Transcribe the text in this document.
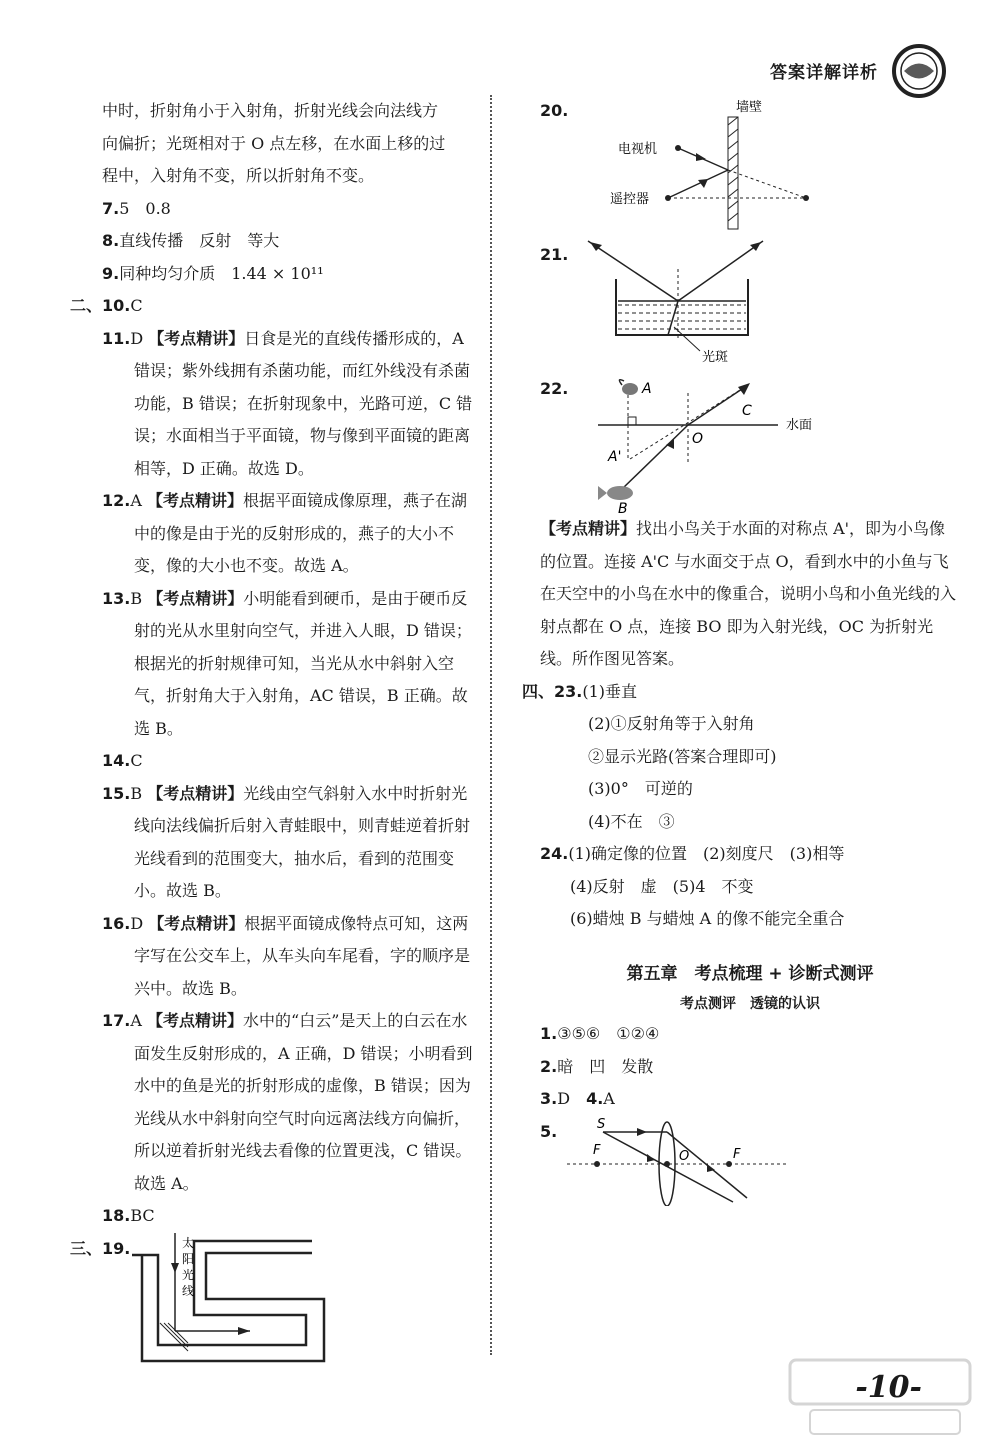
答案详解详析
中时，折射角小于入射角，折射光线会向法线方
向偏折；光斑相对于 O 点左移，在水面上移的过
程中，入射角不变，所以折射角不变。
7.5　0.8
8.直线传播　反射　等大
9.同种均匀介质　1.44 × 10¹¹
二、10.C
11.D 【考点精讲】日食是光的直线传播形成的，A 错误；紫外线拥有杀菌功能，而红外线没有杀菌功能，B 错误；在折射现象中，光路可逆，C 错误；水面相当于平面镜，物与像到平面镜的距离相等，D 正确。故选 D。
12.A 【考点精讲】根据平面镜成像原理，燕子在湖中的像是由于光的反射形成的，燕子的大小不变，像的大小也不变。故选 A。
13.B 【考点精讲】小明能看到硬币，是由于硬币反射的光从水里射向空气，并进入人眼，D 错误；根据光的折射规律可知，当光从水中斜射入空气，折射角大于入射角，AC 错误，B 正确。故选 B。
14.C
15.B 【考点精讲】光线由空气斜射入水中时折射光线向法线偏折后射入青蛙眼中，则青蛙逆着折射光线看到的范围变大，抽水后，看到的范围变小。故选 B。
16.D 【考点精讲】根据平面镜成像特点可知，这两字写在公交车上，从车头向车尾看，字的顺序是兴中。故选 B。
17.A 【考点精讲】水中的“白云”是天上的白云在水面发生反射形成的，A 正确，D 错误；小明看到水中的鱼是光的折射形成的虚像，B 错误；因为光线从水中斜射向空气时向远离法线方向偏折，所以逆着折射光线去看像的位置更浅，C 错误。故选 A。
18.BC
三、 19.	太
阳
光
线
20.	墙壁
电视机
遥控器
21.
光斑
22.
水面
A
A'
C
O
B
【考点精讲】找出小鸟关于水面的对称点 A'，即为小鸟像的位置。连接 A'C 与水面交于点 O，看到水中的小鱼与飞在天空中的小鸟在水中的像重合，说明小鸟和小鱼光线的入射点都在 O 点，连接 BO 即为入射光线，OC 为折射光线。所作图见答案。
四、23.(1)垂直
(2)①反射角等于入射角
②显示光路(答案合理即可)
(3)0°　可逆的
(4)不在　③
24.(1)确定像的位置　(2)刻度尺　(3)相等
(4)反射　虚　(5)4　不变
(6)蜡烛 B 与蜡烛 A 的像不能完全重合
第五章　考点梳理 + 诊断式测评
考点测评　透镜的认识
1.③⑤⑥　①②④
2.暗　凹　发散
3.D　 4.A
5.	S
F	O	F
-10-
